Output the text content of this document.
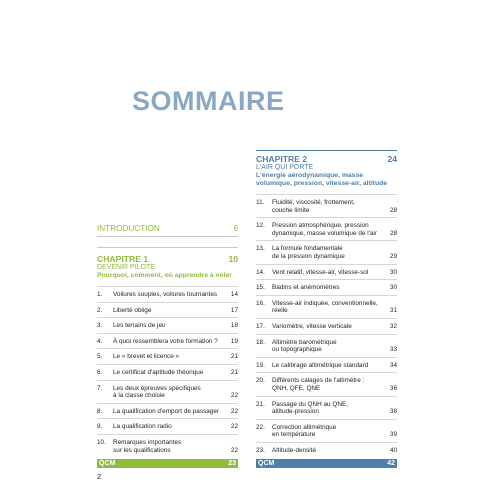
SOMMAIRE
INTRODUCTION	6
CHAPITRE 1	10
DEVENIR PILOTE
Pourquoi, comment, où apprendre à voler
1.	Voilures souples, voilures tournantes	14
2.	Liberté oblige	17
3.	Les terrains de jeu	18
4.	À quoi ressemblera votre formation ?	19
5.	Le « brevet et licence »	21
6.	Le certificat d'aptitude théorique	21
7.	Les deux épreuves spécifiques
à la classe choisie	22
8.	La qualification d'emport de passager	22
9.	La qualification radio	22
10.	Remarques importantes
sur les qualifications	22
QCM	23
CHAPITRE 2	24
L'AIR QUI PORTE
L'énergie aérodynamique, masse volumique, pression, vitesse-air, altitude
11.	Fluidité, viscosité, frottement,
couche limite	28
12.	Pression atmosphérique, pression
dynamique, masse volumique de l'air	28
13.	La formule fondamentale
de la pression dynamique	29
14.	Vent relatif, vitesse-air, vitesse-sol	30
15.	Badins et anémomètres	30
16.	Vitesse-air indiquée, conventionnelle,
réelle	31
17.	Variomètre, vitesse verticale	32
18.	Altimètre barométrique
ou topographique	33
19.	Le calibrage altimétrique standard	34
20.	Différents calages de l'altimètre :
QNH, QFE, QNE	36
21.	Passage du QNH au QNE,
altitude-pression	38
22.	Correction altimétrique
en température	39
23.	Altitude-densité	40
QCM	42
2
